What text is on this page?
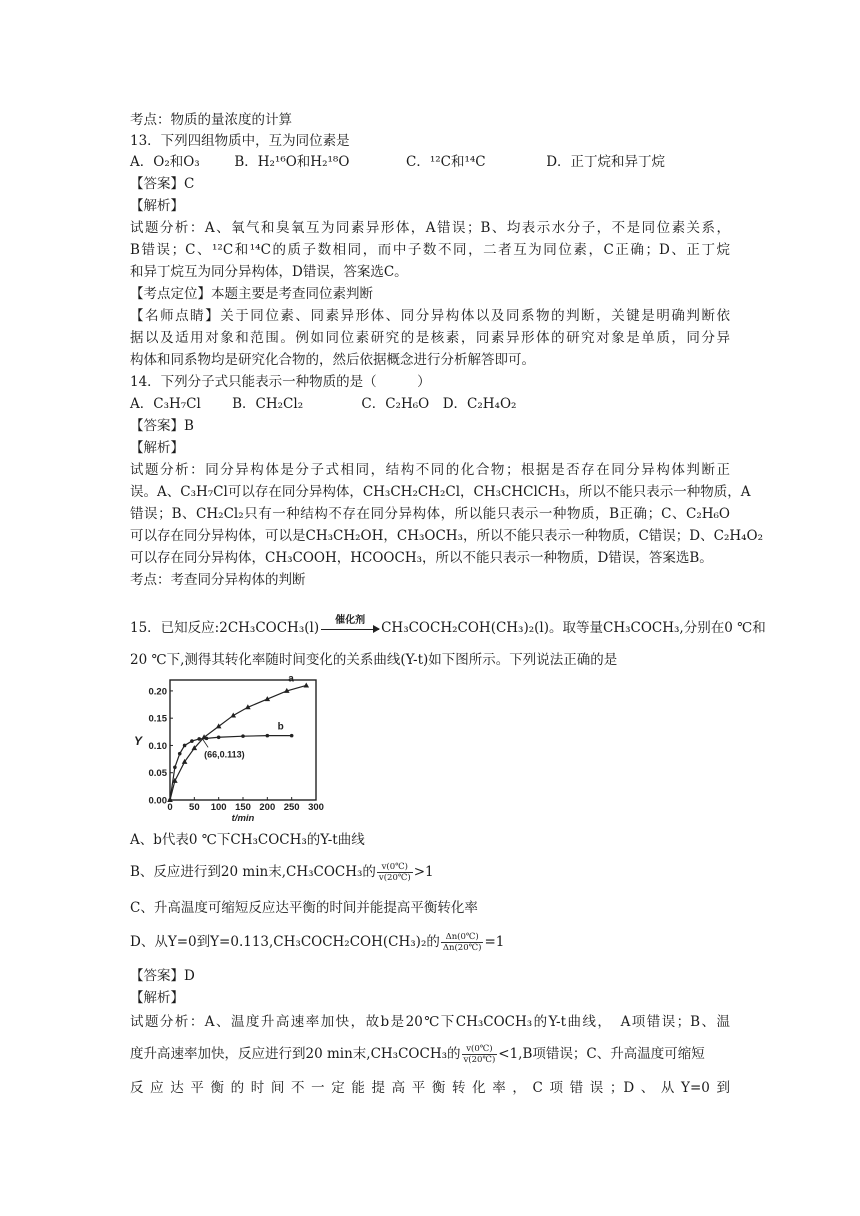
考点：物质的量浓度的计算
13．下列四组物质中，互为同位素是
A．O₂和O₃	B．H₂¹⁶O和H₂¹⁸O	C．¹²C和¹⁴C	D．正丁烷和异丁烷
【答案】C
【解析】
试题分析：A、氧气和臭氧互为同素异形体，A错误；B、均表示水分子，不是同位素关系，
B错误；C、¹²C和¹⁴C的质子数相同，而中子数不同，二者互为同位素，C正确；D、正丁烷
和异丁烷互为同分异构体，D错误，答案选C。
【考点定位】本题主要是考查同位素判断
【名师点睛】关于同位素、同素异形体、同分异构体以及同系物的判断，关键是明确判断依
据以及适用对象和范围。例如同位素研究的是核素，同素异形体的研究对象是单质，同分异
构体和同系物均是研究化合物的，然后依据概念进行分析解答即可。
14．下列分子式只能表示一种物质的是（　　　）
A．C₃H₇Cl　　 B．CH₂Cl₂　　　　 C．C₂H₆O　D．C₂H₄O₂
【答案】B
【解析】
试题分析：同分异构体是分子式相同，结构不同的化合物；根据是否存在同分异构体判断正
误。A、C₃H₇Cl可以存在同分异构体，CH₃CH₂CH₂Cl，CH₃CHClCH₃，所以不能只表示一种物质，A
错误；B、CH₂Cl₂只有一种结构不存在同分异构体，所以能只表示一种物质，B正确；C、C₂H₆O
可以存在同分异构体，可以是CH₃CH₂OH，CH₃OCH₃，所以不能只表示一种物质，C错误；D、C₂H₄O₂
可以存在同分异构体，CH₃COOH，HCOOCH₃，所以不能只表示一种物质，D错误，答案选B。
考点：考查同分异构体的判断
15．已知反应:2CH₃COCH₃(l)	催化剂	CH₃COCH₂COH(CH₃)₂(l)。取等量CH₃COCH₃,分别在0 ℃和
20 ℃下,测得其转化率随时间变化的关系曲线(Y-t)如下图所示。下列说法正确的是
0 50 100 150 200 250 300
0.00
0.05
0.10
0.15
0.20
t/min
Y
a
b
(66,0.113)
A、b代表0 ℃下CH₃COCH₃的Y-t曲线
B、反应进行到20 min末,CH₃COCH₃的 $\frac{v(0℃)}{v(20℃)} >1$
C、升高温度可缩短反应达平衡的时间并能提高平衡转化率
D、从Y=0到Y=0.113,CH₃COCH₂COH(CH₃)₂的 $\frac{\Delta n(0℃)}{\Delta n(20℃)} =1$
【答案】D
【解析】
试题分析：A、温度升高速率加快，故b是20℃下CH₃COCH₃的Y-t曲线，　A项错误；B、温
度升高速率加快，反应进行到20 min末,CH₃COCH₃的 $\frac{v(0℃)}{v(20℃)} <1,B$项错误；C、升高温度可缩短
反应达平衡的时间不一定能提高平衡转化率，C项错误；D、从Y=0到
